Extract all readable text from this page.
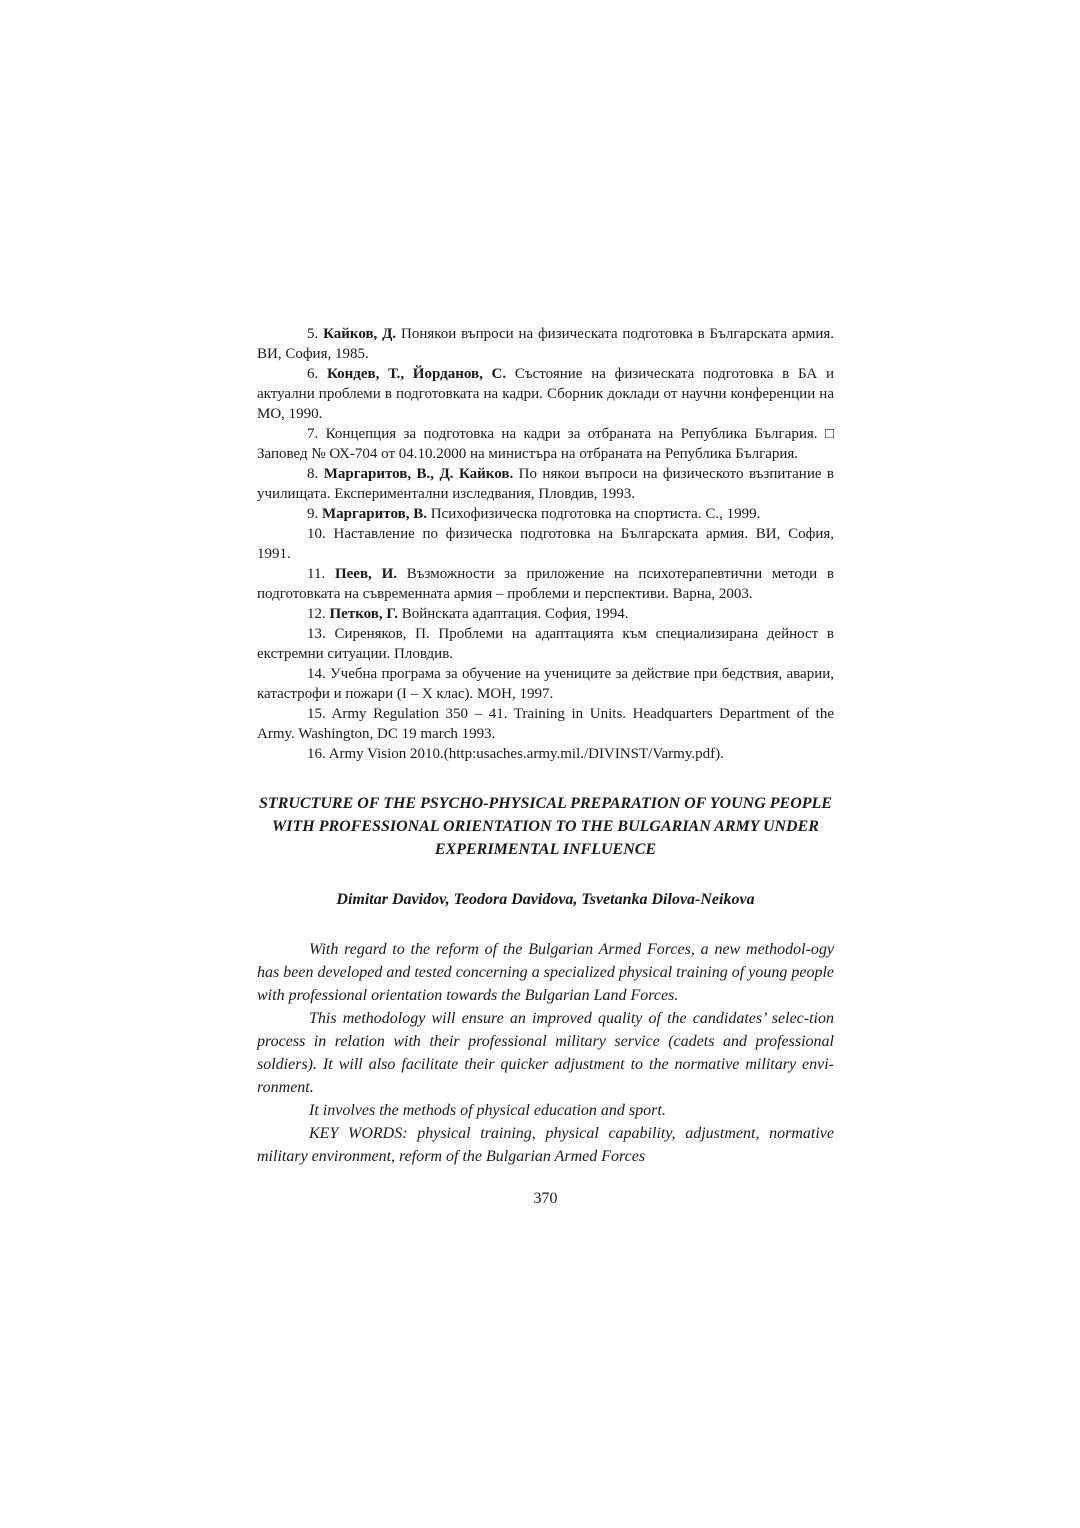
5. Кайков, Д. Понякои въпроси на физическата подготовка в Българската армия. ВИ, София, 1985.

6. Кондев, Т., Йорданов, С. Състояние на физическата подготовка в БА и актуални проблеми в подготовката на кадри. Сборник доклади от научни конференции на МО, 1990.

7. Концепция за подготовка на кадри за отбраната на Република България. □ Заповед № ОХ-704 от 04.10.2000 на министъра на отбраната на Република България.

8. Маргаритов, В., Д. Кайков. По някои въпроси на физическото възпитание в училищата. Експериментални изследвания, Пловдив, 1993.

9. Маргаритов, В. Психофизическа подготовка на спортиста. С., 1999.

10. Наставление по физическа подготовка на Българската армия. ВИ, София, 1991.

11. Пеев, И. Възможности за приложение на психотерапевтични методи в подготовката на съвременната армия – проблеми и перспективи. Варна, 2003.

12. Петков, Г. Войнската адаптация. София, 1994.

13. Сиреняков, П. Проблеми на адаптацията към специализирана дейност в екстремни ситуации. Пловдив.

14. Учебна програма за обучение на учениците за действие при бедствия, аварии, катастрофи и пожари (I – X клас). МОН, 1997.

15. Army Regulation 350 – 41. Training in Units. Headquarters Department of the Army. Washington, DC 19 march 1993.

16. Army Vision 2010.(http:usaches.army.mil./DIVINST/Varmy.pdf).

STRUCTURE OF THE PSYCHO-PHYSICAL PREPARATION OF YOUNG PEOPLE
WITH PROFESSIONAL ORIENTATION TO THE BULGARIAN ARMY UNDER
EXPERIMENTAL INFLUENCE
Dimitar Davidov, Teodora Davidova, Tsvetanka Dilova-Neikova

With regard to the reform of the Bulgarian Armed Forces, a new methodol-ogy has been developed and tested concerning a specialized physical training of young people with professional orientation towards the Bulgarian Land Forces.

This methodology will ensure an improved quality of the candidates’ selec-tion process in relation with their professional military service (cadets and professional soldiers). It will also facilitate their quicker adjustment to the normative military envi-ronment.

It involves the methods of physical education and sport.

KEY WORDS: physical training, physical capability, adjustment, normative military environment, reform of the Bulgarian Armed Forces

370
